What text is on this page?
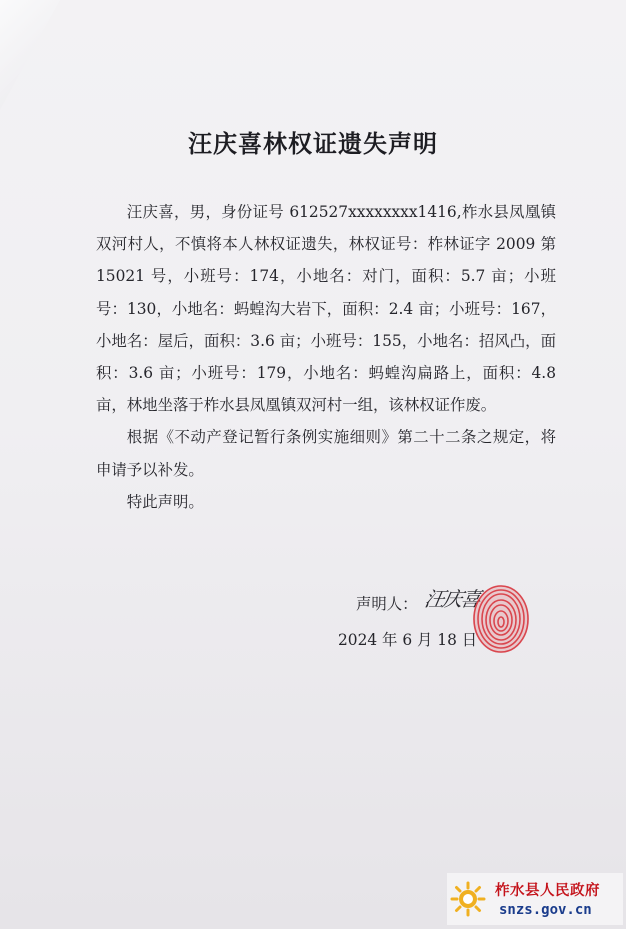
汪庆喜林权证遗失声明

汪庆喜，男，身份证号 612527xxxxxxxx1416,柞水县凤凰镇双河村人，不慎将本人林权证遗失，林权证号：柞林证字 2009 第 15021 号，小班号：174，小地名：对门，面积：5.7 亩；小班号：130，小地名：蚂蝗沟大岩下，面积：2.4 亩；小班号：167，小地名：屋后，面积：3.6 亩；小班号：155，小地名：招风凸，面积：3.6 亩；小班号：179，小地名：蚂蝗沟扁路上，面积：4.8 亩，林地坐落于柞水县凤凰镇双河村一组，该林权证作废。

根据《不动产登记暂行条例实施细则》第二十二条之规定，将申请予以补发。

特此声明。

声明人： 汪庆喜
2024 年 6 月 18 日
柞水县人民政府
snzs.gov.cn
